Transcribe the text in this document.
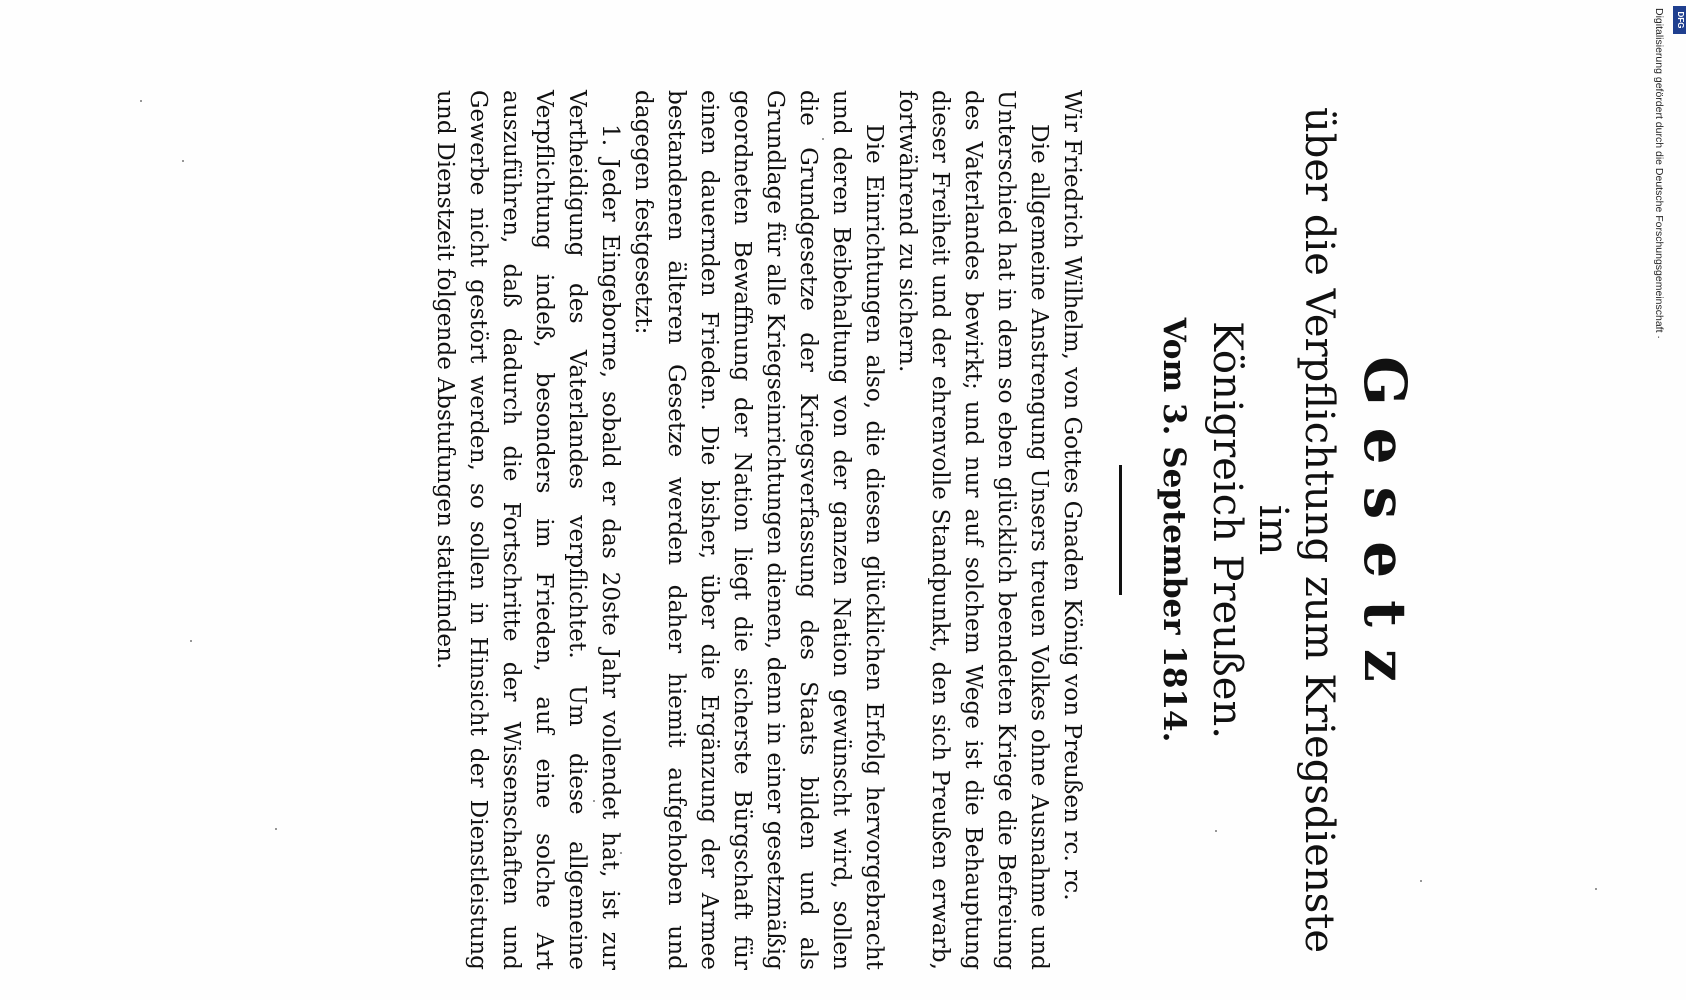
Gesetz
über die Verpflichtung zum Kriegsdienste im
Königreich Preußen.
Vom 3. September 1814.

Wir Friedrich Wilhelm, von Gottes Gnaden König von Preußen rc. rc.

Die allgemeine Anstrengung Unsers treuen Volkes ohne Ausnahme und Unterschied hat in dem so eben glücklich beendeten Kriege die Befreiung des Vaterlandes bewirkt; und nur auf solchem Wege ist die Behauptung dieser Freiheit und der ehrenvolle Standpunkt, den sich Preußen erwarb, fortwährend zu sichern.

Die Einrichtungen also, die diesen glücklichen Erfolg hervorgebracht und deren Beibehaltung von der ganzen Nation gewünscht wird, sollen die Grundgesetze der Kriegsverfassung des Staats bilden und als Grundlage für alle Kriegseinrichtungen dienen, denn in einer gesetzmäßig geordneten Bewaffnung der Nation liegt die sicherste Bürgschaft für einen dauernden Frieden. Die bisher, über die Ergänzung der Armee bestandenen älteren Gesetze werden daher hiemit aufgehoben und dagegen festgesetzt:

1. Jeder Eingeborne, sobald er das 20ste Jahr vollendet hat, ist zur Vertheidigung des Vaterlandes verpflichtet. Um diese allgemeine Verpflichtung indeß, besonders im Frieden, auf eine solche Art auszuführen, daß dadurch die Fortschritte der Wissenschaften und Gewerbe nicht gestört werden, so sollen in Hinsicht der Dienstleistung und Dienstzeit folgende Abstufungen stattfinden.	Digitalisierung gefördert durch die Deutsche Forschungsgemeinschaft ·	DFG
